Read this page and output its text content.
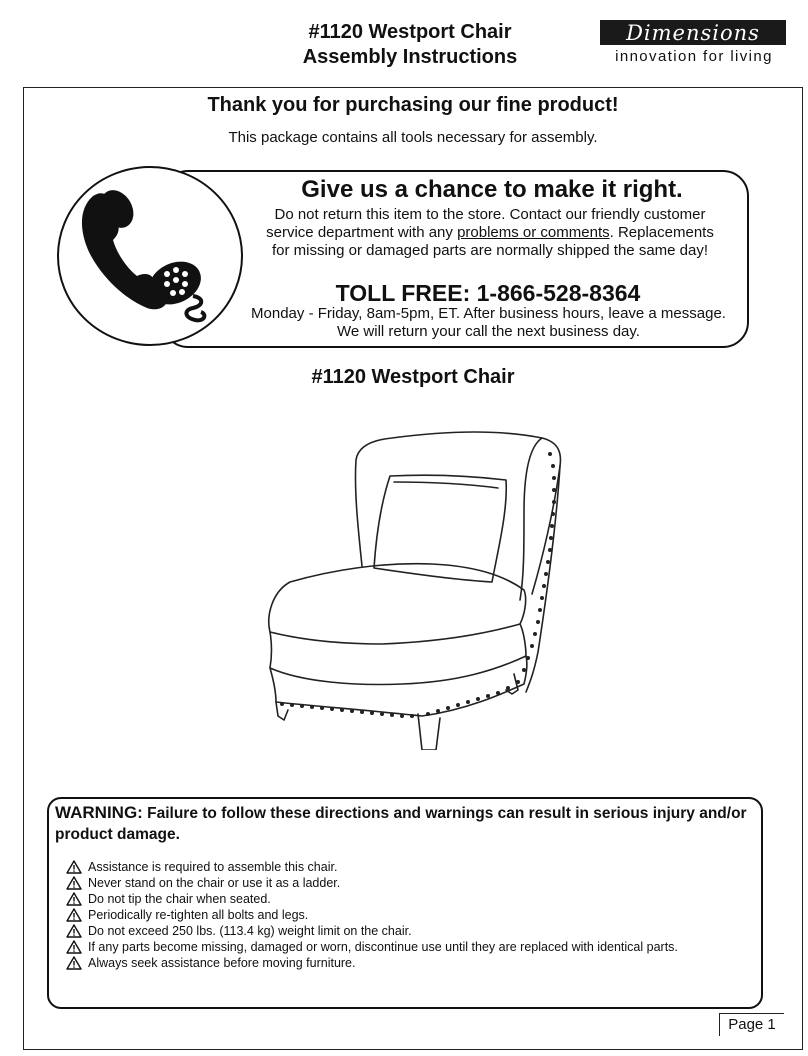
#1120 Westport Chair
Assembly Instructions
Dimensions
innovation for living
Thank you for purchasing our fine product!
This package contains all tools necessary for assembly.
Give us a chance to make it right.
Do not return this item to the store. Contact our friendly customer
service department with any problems or comments. Replacements
for missing or damaged parts are normally shipped the same day!
TOLL FREE: 1-866-528-8364
Monday - Friday, 8am-5pm, ET. After business hours, leave a message.
We will return your call the next business day.
#1120 Westport Chair
WARNING: Failure to follow these directions and warnings can result in serious injury and/or product damage.
Assistance is required to assemble this chair.
Never stand on the chair or use it as a ladder.
Do not tip the chair when seated.
Periodically re-tighten all bolts and legs.
Do not exceed 250 lbs. (113.4 kg) weight limit on the chair.
If any parts become missing, damaged or worn, discontinue use until they are replaced with identical parts.
Always seek assistance before moving furniture.
Page 1
